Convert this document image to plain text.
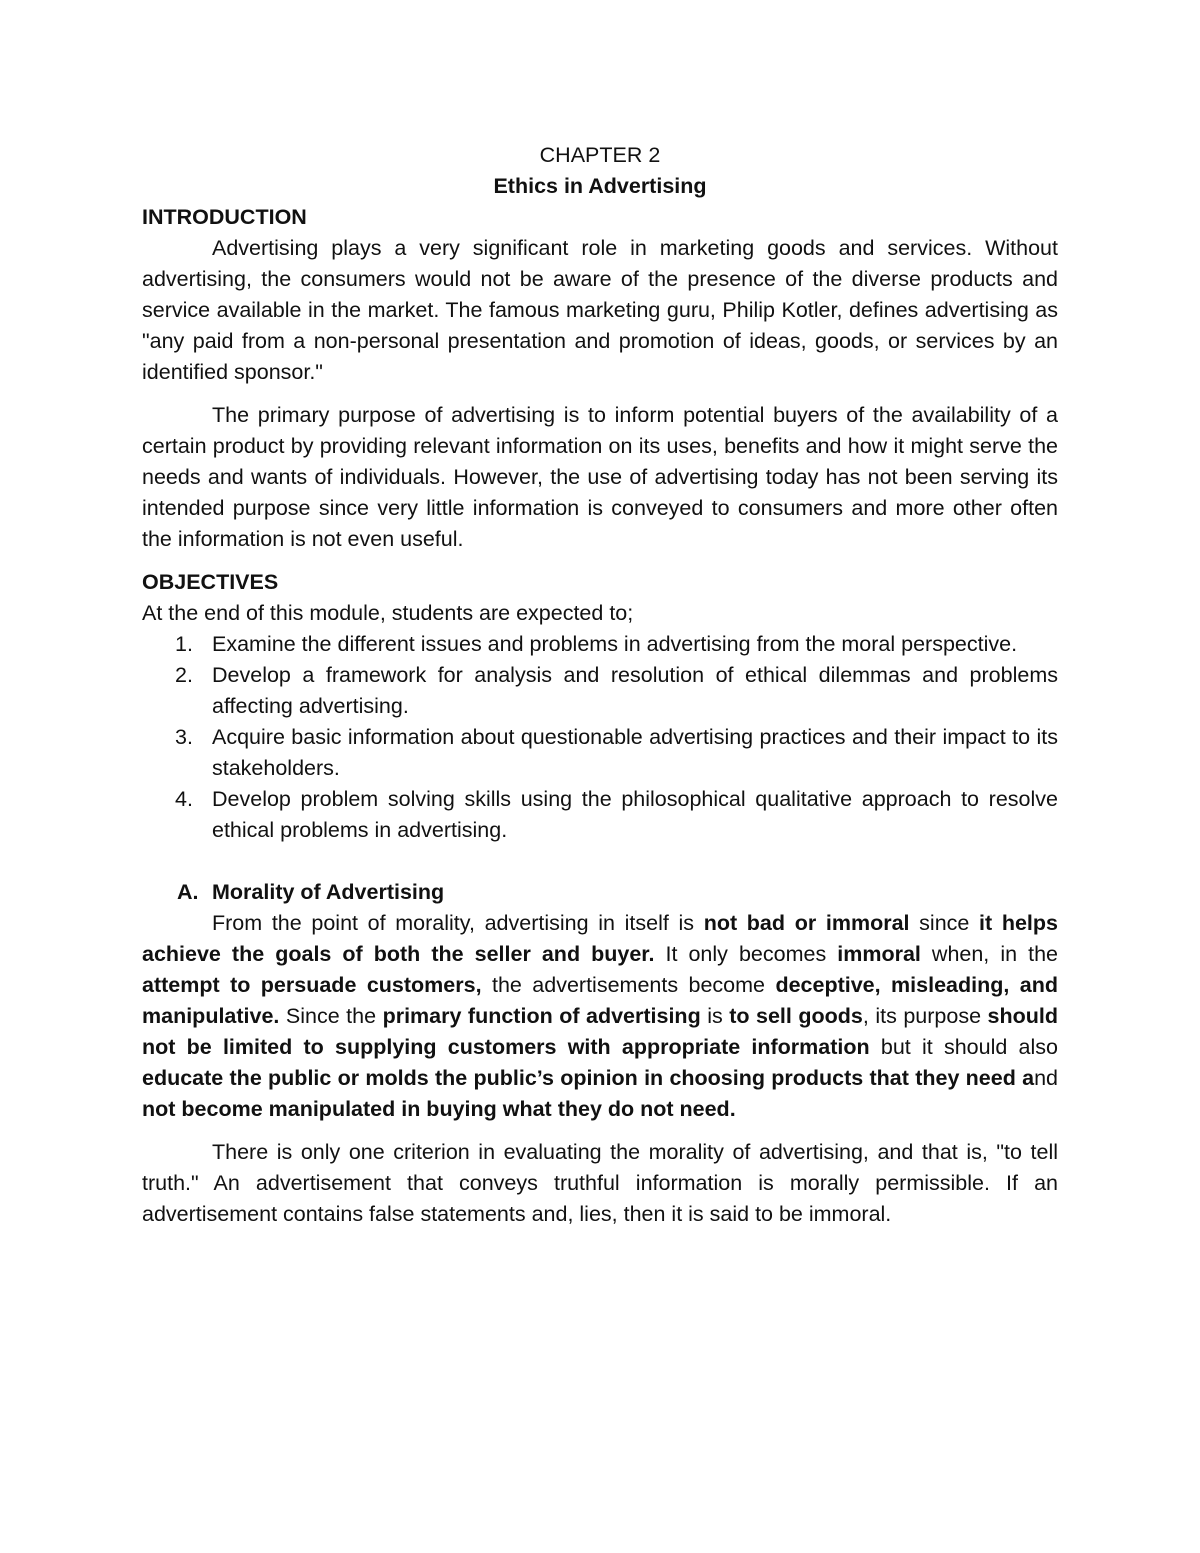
CHAPTER 2

Ethics in Advertising

INTRODUCTION

Advertising plays a very significant role in marketing goods and services. Without advertising, the consumers would not be aware of the presence of the diverse products and service available in the market. The famous marketing guru, Philip Kotler, defines advertising as "any paid from a non-personal presentation and promotion of ideas, goods, or services by an identified sponsor."

The primary purpose of advertising is to inform potential buyers of the availability of a certain product by providing relevant information on its uses, benefits and how it might serve the needs and wants of individuals. However, the use of advertising today has not been serving its intended purpose since very little information is conveyed to consumers and more other often the information is not even useful.

OBJECTIVES

At the end of this module, students are expected to;

1. Examine the different issues and problems in advertising from the moral perspective.
2. Develop a framework for analysis and resolution of ethical dilemmas and problems affecting advertising.
3. Acquire basic information about questionable advertising practices and their impact to its stakeholders.
4. Develop problem solving skills using the philosophical qualitative approach to resolve ethical problems in advertising.

A. Morality of Advertising

From the point of morality, advertising in itself is not bad or immoral since it helps achieve the goals of both the seller and buyer. It only becomes immoral when, in the attempt to persuade customers, the advertisements become deceptive, misleading, and manipulative. Since the primary function of advertising is to sell goods, its purpose should not be limited to supplying customers with appropriate information but it should also educate the public or molds the public’s opinion in choosing products that they need and not become manipulated in buying what they do not need.

There is only one criterion in evaluating the morality of advertising, and that is, "to tell truth." An advertisement that conveys truthful information is morally permissible. If an advertisement contains false statements and, lies, then it is said to be immoral.
